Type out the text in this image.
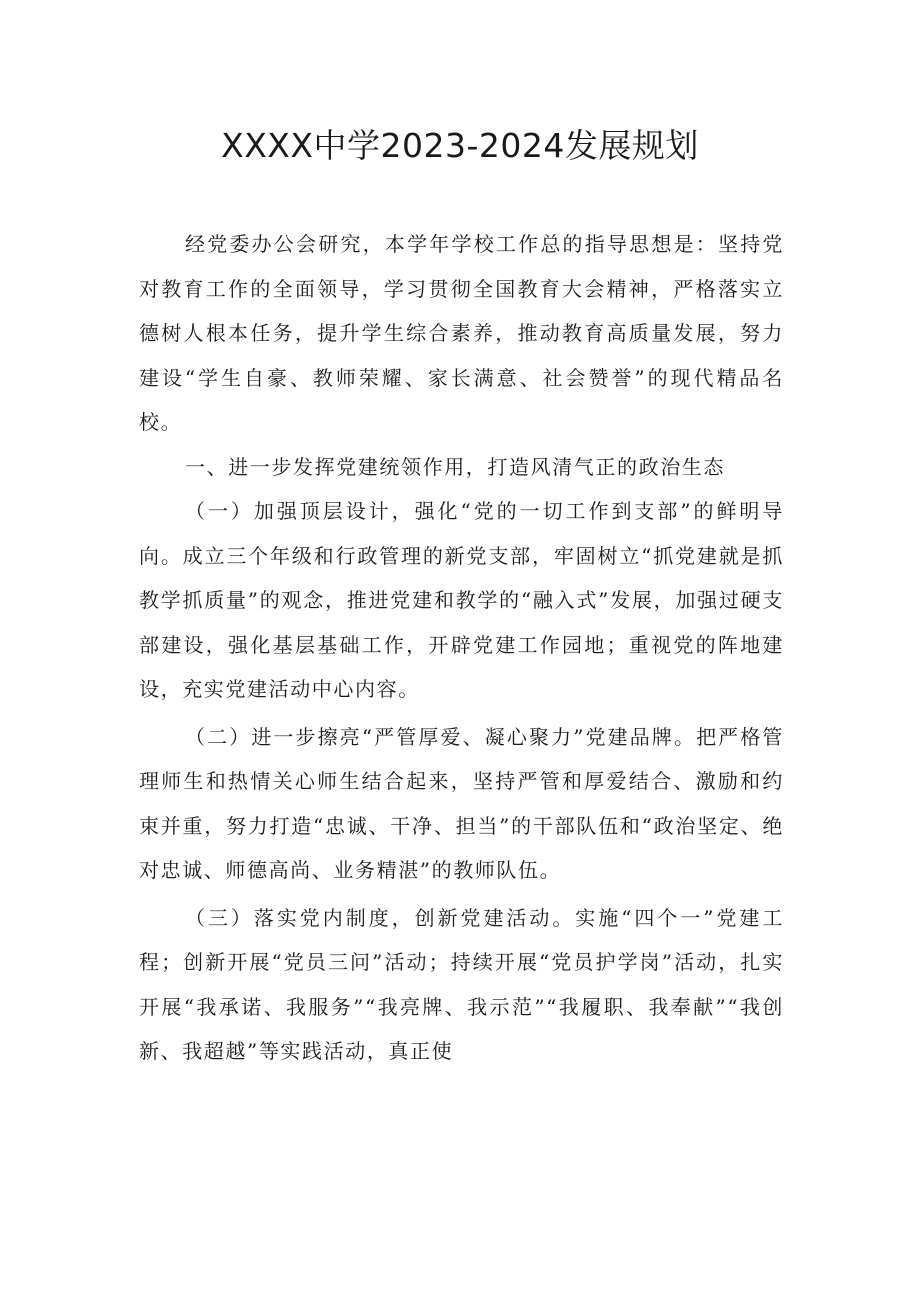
XXXX中学2023-2024发展规划

经党委办公会研究，本学年学校工作总的指导思想是：坚持党对教育工作的全面领导，学习贯彻全国教育大会精神，严格落实立德树人根本任务，提升学生综合素养，推动教育高质量发展，努力建设“学生自豪、教师荣耀、家长满意、社会赞誉”的现代精品名校。

一、进一步发挥党建统领作用，打造风清气正的政治生态

（一）加强顶层设计，强化“党的一切工作到支部”的鲜明导向。成立三个年级和行政管理的新党支部，牢固树立“抓党建就是抓教学抓质量”的观念，推进党建和教学的“融入式”发展，加强过硬支部建设，强化基层基础工作，开辟党建工作园地；重视党的阵地建设，充实党建活动中心内容。

（二）进一步擦亮“严管厚爱、凝心聚力”党建品牌。把严格管理师生和热情关心师生结合起来，坚持严管和厚爱结合、激励和约束并重，努力打造“忠诚、干净、担当”的干部队伍和“政治坚定、绝对忠诚、师德高尚、业务精湛”的教师队伍。

（三）落实党内制度，创新党建活动。实施“四个一”党建工程；创新开展“党员三问”活动；持续开展“党员护学岗”活动，扎实开展“我承诺、我服务”“我亮牌、我示范”“我履职、我奉献”“我创新、我超越”等实践活动，真正使
